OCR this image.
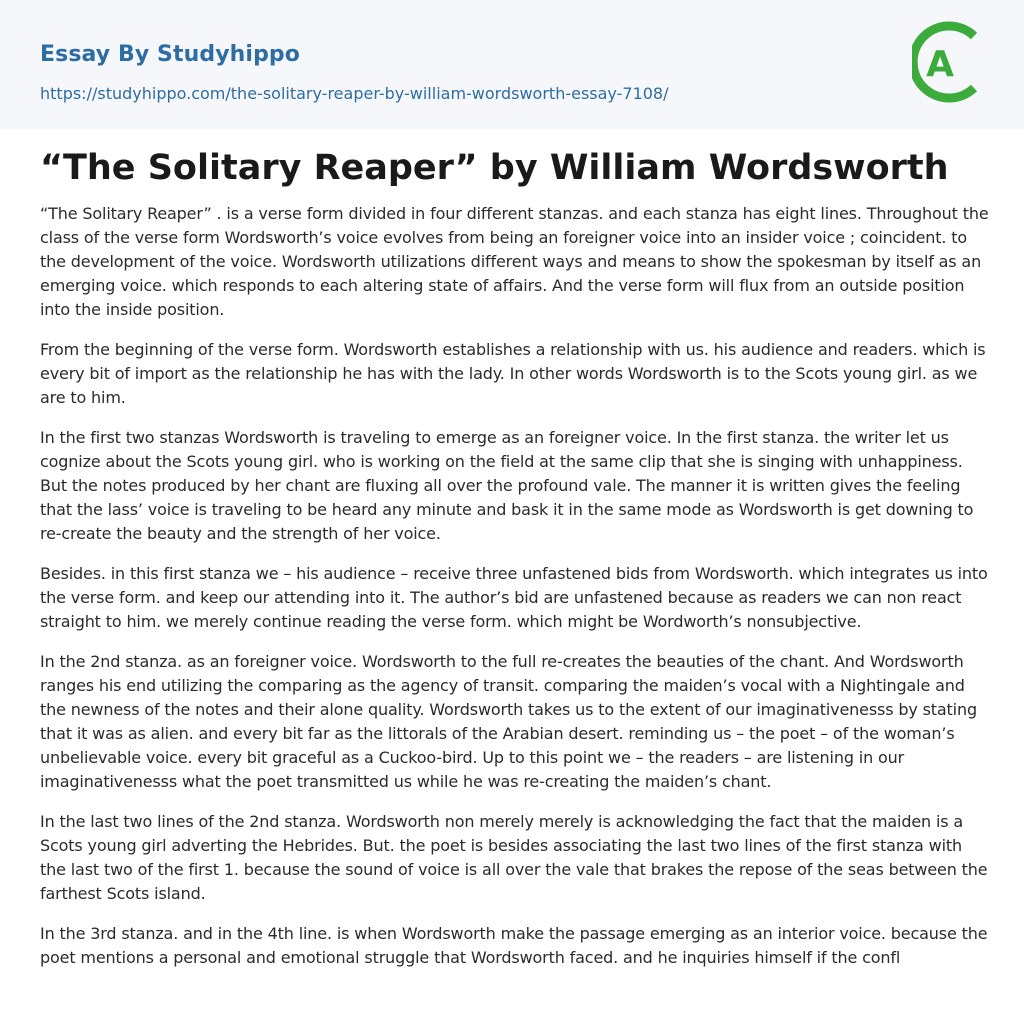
Essay By Studyhippo
https://studyhippo.com/the-solitary-reaper-by-william-wordsworth-essay-7108/
A
“The Solitary Reaper” by William Wordsworth

“The Solitary Reaper” . is a verse form divided in four different stanzas. and each stanza has eight lines. Throughout the class of the verse form Wordsworth’s voice evolves from being an foreigner voice into an insider voice ; coincident. to the development of the voice. Wordsworth utilizations different ways and means to show the spokesman by itself as an emerging voice. which responds to each altering state of affairs. And the verse form will flux from an outside position into the inside position.

From the beginning of the verse form. Wordsworth establishes a relationship with us. his audience and readers. which is every bit of import as the relationship he has with the lady. In other words Wordsworth is to the Scots young girl. as we are to him.

In the first two stanzas Wordsworth is traveling to emerge as an foreigner voice. In the first stanza. the writer let us cognize about the Scots young girl. who is working on the field at the same clip that she is singing with unhappiness. But the notes produced by her chant are fluxing all over the profound vale. The manner it is written gives the feeling that the lass’ voice is traveling to be heard any minute and bask it in the same mode as Wordsworth is get downing to re-create the beauty and the strength of her voice.

Besides. in this first stanza we – his audience – receive three unfastened bids from Wordsworth. which integrates us into the verse form. and keep our attending into it. The author’s bid are unfastened because as readers we can non react straight to him. we merely continue reading the verse form. which might be Wordworth’s nonsubjective.

In the 2nd stanza. as an foreigner voice. Wordsworth to the full re-creates the beauties of the chant. And Wordsworth ranges his end utilizing the comparing as the agency of transit. comparing the maiden’s vocal with a Nightingale and the newness of the notes and their alone quality. Wordsworth takes us to the extent of our imaginativenesss by stating that it was as alien. and every bit far as the littorals of the Arabian desert. reminding us – the poet – of the woman’s unbelievable voice. every bit graceful as a Cuckoo-bird. Up to this point we – the readers – are listening in our imaginativenesss what the poet transmitted us while he was re-creating the maiden’s chant.

In the last two lines of the 2nd stanza. Wordsworth non merely merely is acknowledging the fact that the maiden is a Scots young girl adverting the Hebrides. But. the poet is besides associating the last two lines of the first stanza with the last two of the first 1. because the sound of voice is all over the vale that brakes the repose of the seas between the farthest Scots island.

In the 3rd stanza. and in the 4th line. is when Wordsworth make the passage emerging as an interior voice. because the poet mentions a personal and emotional struggle that Wordsworth faced. and he inquiries himself if the confl
